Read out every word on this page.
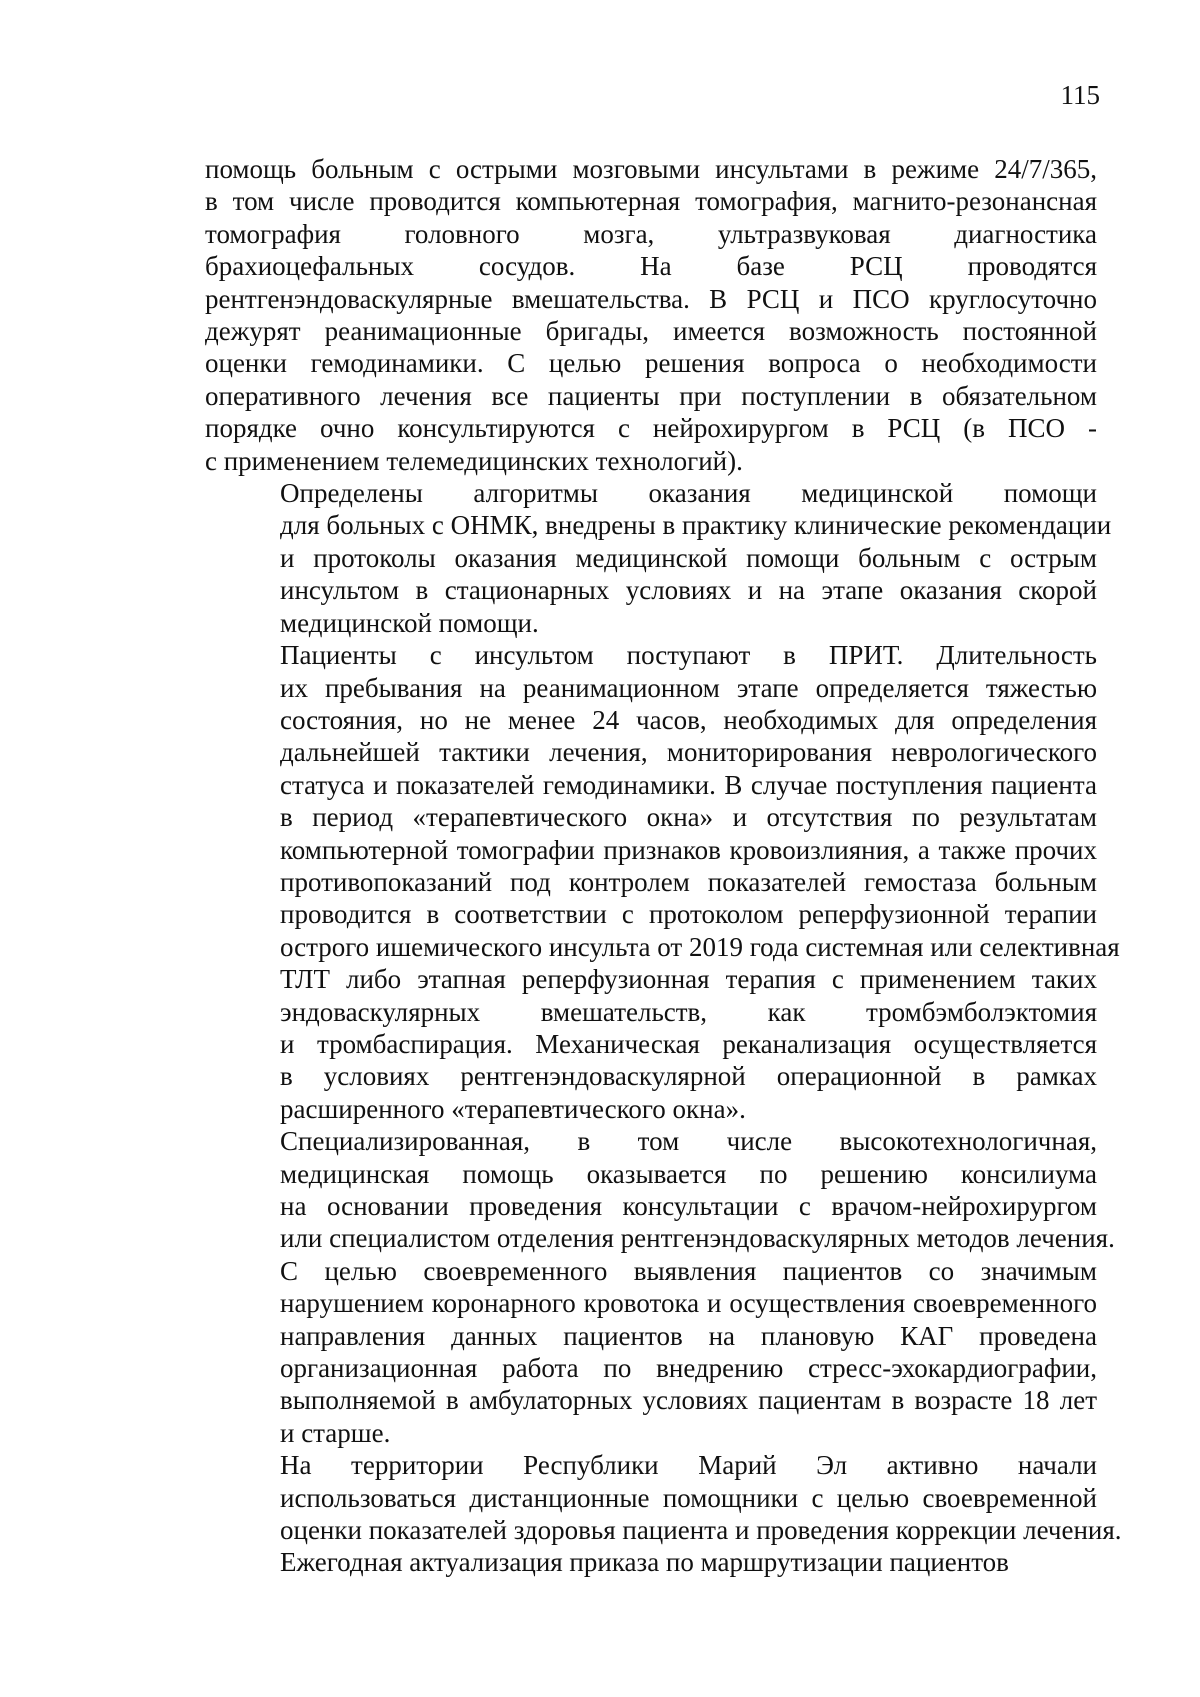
115

помощь больным с острыми мозговыми инсультами в режиме 24/7/365,
в том числе проводится компьютерная томография, магнито-резонансная
томография головного мозга, ультразвуковая диагностика
брахиоцефальных сосудов. На базе РСЦ проводятся
рентгенэндоваскулярные вмешательства. В РСЦ и ПСО круглосуточно
дежурят реанимационные бригады, имеется возможность постоянной
оценки гемодинамики. С целью решения вопроса о необходимости
оперативного лечения все пациенты при поступлении в обязательном
порядке очно консультируются с нейрохирургом в РСЦ (в ПСО -
с применением телемедицинских технологий).

Определены алгоритмы оказания медицинской помощи
для больных с ОНМК, внедрены в практику клинические рекомендации
и протоколы оказания медицинской помощи больным с острым
инсультом в стационарных условиях и на этапе оказания скорой
медицинской помощи.

Пациенты с инсультом поступают в ПРИТ. Длительность
их пребывания на реанимационном этапе определяется тяжестью
состояния, но не менее 24 часов, необходимых для определения
дальнейшей тактики лечения, мониторирования неврологического
статуса и показателей гемодинамики. В случае поступления пациента
в период «терапевтического окна» и отсутствия по результатам
компьютерной томографии признаков кровоизлияния, а также прочих
противопоказаний под контролем показателей гемостаза больным
проводится в соответствии с протоколом реперфузионной терапии
острого ишемического инсульта от 2019 года системная или селективная
ТЛТ либо этапная реперфузионная терапия с применением таких
эндоваскулярных вмешательств, как тромбэмболэктомия
и тромбаспирация. Механическая реканализация осуществляется
в условиях рентгенэндоваскулярной операционной в рамках
расширенного «терапевтического окна».

Специализированная, в том числе высокотехнологичная,
медицинская помощь оказывается по решению консилиума
на основании проведения консультации с врачом-нейрохирургом
или специалистом отделения рентгенэндоваскулярных методов лечения.

С целью своевременного выявления пациентов со значимым
нарушением коронарного кровотока и осуществления своевременного
направления данных пациентов на плановую КАГ проведена
организационная работа по внедрению стресс-эхокардиографии,
выполняемой в амбулаторных условиях пациентам в возрасте 18 лет
и старше.

На территории Республики Марий Эл активно начали
использоваться дистанционные помощники с целью своевременной
оценки показателей здоровья пациента и проведения коррекции лечения.

Ежегодная актуализация приказа по маршрутизации пациентов
